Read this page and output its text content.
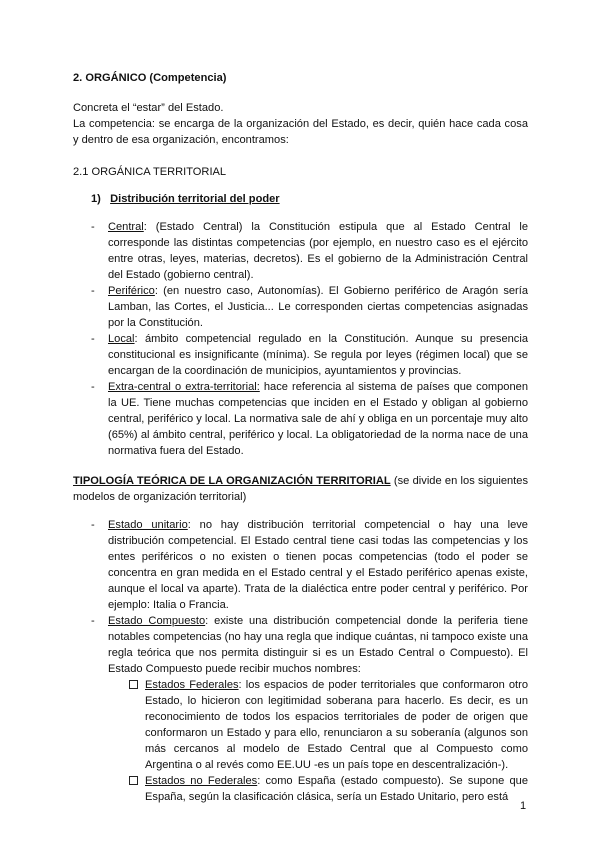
2. ORGÁNICO (Competencia)

Concreta el “estar” del Estado.

La competencia: se encarga de la organización del Estado, es decir, quién hace cada cosa y dentro de esa organización, encontramos:

2.1 ORGÁNICA TERRITORIAL
1) Distribución territorial del poder
- Central: (Estado Central) la Constitución estipula que al Estado Central le corresponde las distintas competencias (por ejemplo, en nuestro caso es el ejército entre otras, leyes, materias, decretos). Es el gobierno de la Administración Central del Estado (gobierno central).
- Periférico: (en nuestro caso, Autonomías). El Gobierno periférico de Aragón sería Lamban, las Cortes, el Justicia... Le corresponden ciertas competencias asignadas por la Constitución.
- Local: ámbito competencial regulado en la Constitución. Aunque su presencia constitucional es insignificante (mínima). Se regula por leyes (régimen local) que se encargan de la coordinación de municipios, ayuntamientos y provincias.
- Extra-central o extra-territorial: hace referencia al sistema de países que componen la UE. Tiene muchas competencias que inciden en el Estado y obligan al gobierno central, periférico y local. La normativa sale de ahí y obliga en un porcentaje muy alto (65%) al ámbito central, periférico y local. La obligatoriedad de la norma nace de una normativa fuera del Estado.

TIPOLOGÍA TEÓRICA DE LA ORGANIZACIÓN TERRITORIAL (se divide en los siguientes modelos de organización territorial)

- Estado unitario: no hay distribución territorial competencial o hay una leve distribución competencial. El Estado central tiene casi todas las competencias y los entes periféricos o no existen o tienen pocas competencias (todo el poder se concentra en gran medida en el Estado central y el Estado periférico apenas existe, aunque el local va aparte). Trata de la dialéctica entre poder central y periférico. Por ejemplo: Italia o Francia.
- Estado Compuesto: existe una distribución competencial donde la periferia tiene notables competencias (no hay una regla que indique cuántas, ni tampoco existe una regla teórica que nos permita distinguir si es un Estado Central o Compuesto). El Estado Compuesto puede recibir muchos nombres:
Estados Federales: los espacios de poder territoriales que conformaron otro Estado, lo hicieron con legitimidad soberana para hacerlo. Es decir, es un reconocimiento de todos los espacios territoriales de poder de origen que conformaron un Estado y para ello, renunciaron a su soberanía (algunos son más cercanos al modelo de Estado Central que al Compuesto como Argentina o al revés como EE.UU -es un país tope en descentralización-).
Estados no Federales: como España (estado compuesto). Se supone que España, según la clasificación clásica, sería un Estado Unitario, pero está
1
